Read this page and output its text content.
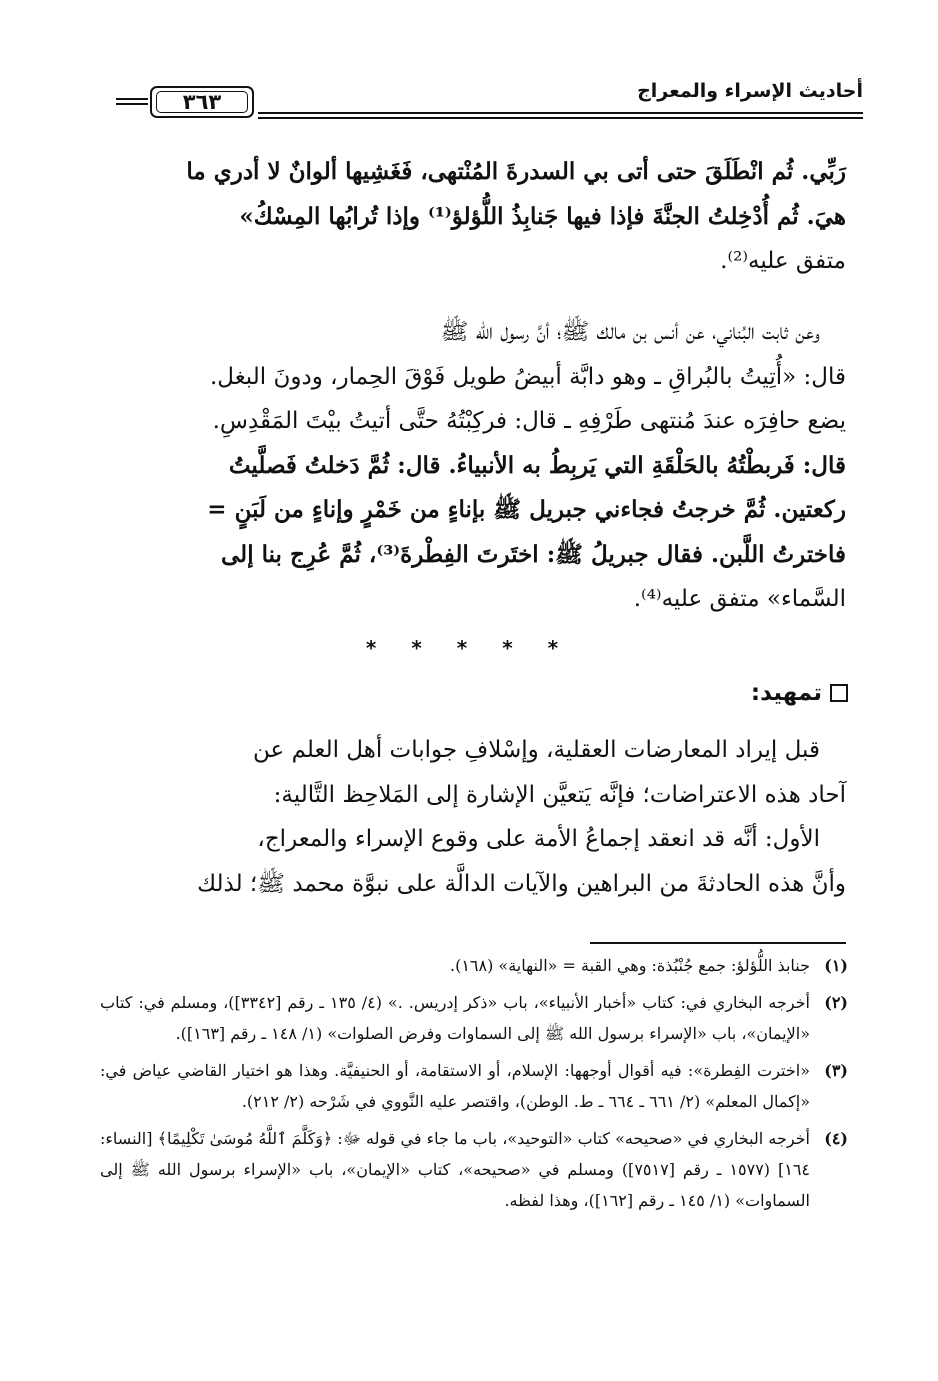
٣٦٣	أحاديث الإسراء والمعراج

رَبِّي. ثُم انْطَلَقَ حتى أتى بي السدرةَ المُنْتهى، فَغَشِيها ألوانٌ لا أدري ما

هيَ. ثُم أُدْخِلتُ الجنَّةَ فإذا فيها جَنابِذُ اللُّؤلؤ⁽¹⁾ وإذا تُرابُها المِسْكُ»

متفق عليه⁽²⁾.

وعن ثابت البُناني، عن أنس بن مالك ﷺ؛ أنَّ رسول الله ﷺ

قال: «أُتِيتُ بالبُراقِ ـ وهو دابَّة أبيضُ طويل فَوْقَ الحِمار، ودونَ البغل.

يضع حافِرَه عندَ مُنتهى طَرْفِهِ ـ قال: فركِبْتُهُ حتَّى أتيتُ بيْتَ المَقْدِسِ.

قال: فَربطْتُهُ بالحَلْقَةِ التي يَربِطُ به الأنبياءُ. قال: ثُمَّ دَخلتُ فَصلَّيتُ

ركعتين. ثُمَّ خرجتُ فجاءني جبريل ﷺ بإناءٍ من خَمْرٍ وإناءٍ من لَبَنٍ =

فاخترتُ اللَّبن. فقال جبريلُ ﷺ: اختَرتَ الفِطْرةَ⁽³⁾، ثُمَّ عُرِج بنا إلى

السَّماء» متفق عليه⁽⁴⁾.

* * * * *
تمهيد:

قبل إيراد المعارضات العقلية، وإسْلافِ جوابات أهل العلم عن

آحاد هذه الاعتراضات؛ فإنَّه يَتعيَّن الإشارة إلى المَلاحِظ التَّالية:

الأول: أنَّه قد انعقد إجماعُ الأمة على وقوع الإسراء والمعراج،

وأنَّ هذه الحادثةَ من البراهين والآيات الدالَّة على نبوَّة محمد ﷺ؛ لذلك

(١)
جنابذ اللُّؤلؤ: جمع جُنْبُذة: وهي القبة = «النهاية» (١٦٨).
(٢)
أخرجه البخاري في: كتاب «أخبار الأنبياء»، باب «ذكر إدريس. .» (٤/ ١٣٥ ـ رقم [٣٣٤٢])، ومسلم في: كتاب «الإيمان»، باب «الإسراء برسول الله ﷺ إلى السماوات وفرض الصلوات» (١/ ١٤٨ ـ رقم [١٦٣]).
(٣)
«اخترت الفِطرة»: فيه أقوال أوجهها: الإسلام، أو الاستقامة، أو الحنيفيَّة. وهذا هو اختيار القاضي عياض في: «إكمال المعلم» (٢/ ٦٦١ ـ ٦٦٤ ـ ط. الوطن)، واقتصر عليه النَّووي في شَرْحه (٢/ ٢١٢).
(٤)
أخرجه البخاري في «صحيحه» كتاب «التوحيد»، باب ما جاء في قوله ﷻ: ﴿وَكَلَّمَ ٱللَّهُ مُوسَىٰ تَكْلِيمًا﴾ [النساء: ١٦٤] (١٥٧٧ ـ رقم [٧٥١٧]) ومسلم في «صحيحه»، كتاب «الإيمان»، باب «الإسراء برسول الله ﷺ إلى السماوات» (١/ ١٤٥ ـ رقم [١٦٢])، وهذا لفظه.
